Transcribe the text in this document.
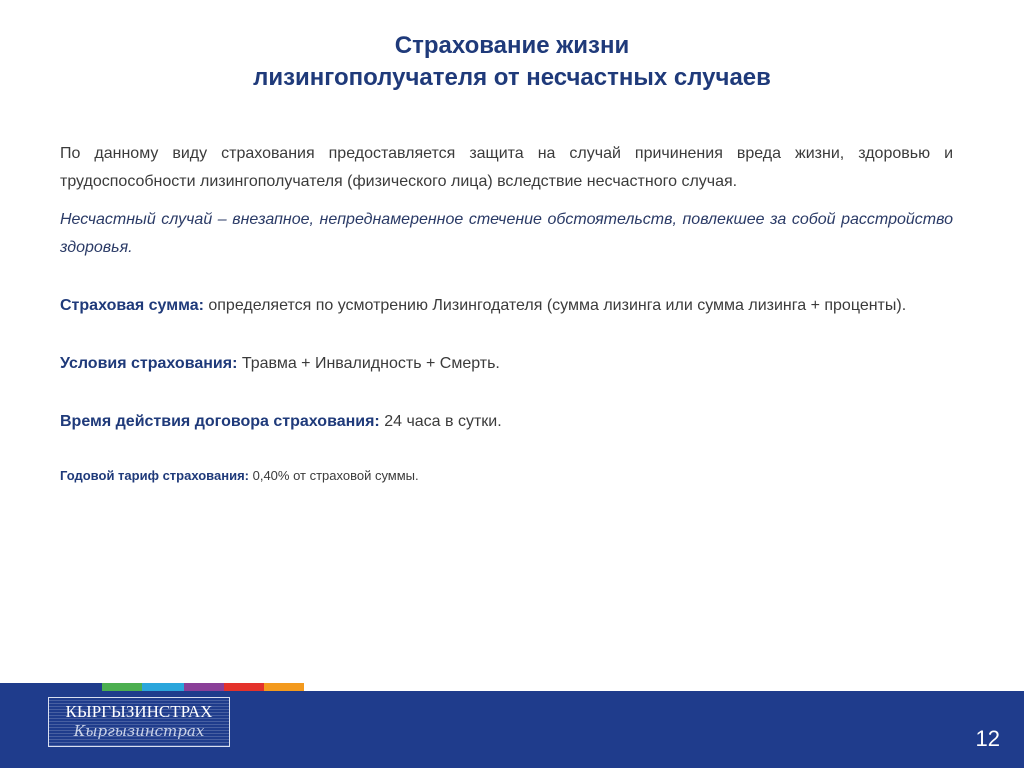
Страхование жизни
лизингополучателя от несчастных случаев

По данному виду страхования предоставляется защита на случай причинения вреда жизни, здоровью и трудоспособности лизингополучателя (физического лица) вследствие несчастного случая.

Несчастный случай – внезапное, непреднамеренное стечение обстоятельств, повлекшее за собой расстройство здоровья.

Страховая сумма: определяется по усмотрению Лизингодателя (сумма лизинга или сумма лизинга + проценты).

Условия страхования: Травма + Инвалидность + Смерть.

Время действия договора страхования: 24 часа в сутки.

Годовой тариф страхования: 0,40% от страховой суммы.

КЫРГЫЗИНСТРАХ
Кыргызинстрах	12
